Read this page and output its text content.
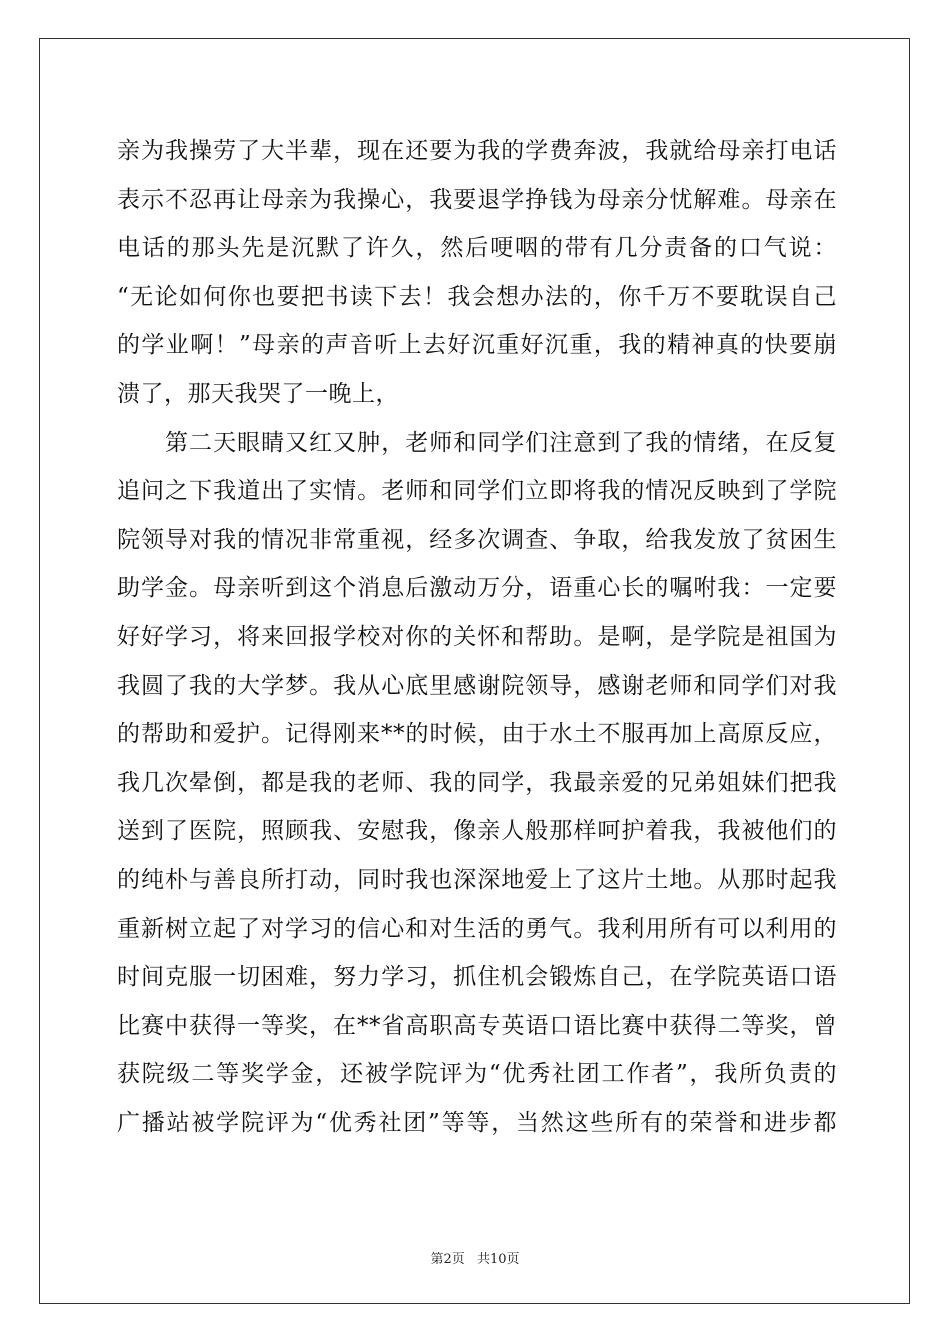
亲为我操劳了大半辈，现在还要为我的学费奔波，我就给母亲打电话
表示不忍再让母亲为我操心，我要退学挣钱为母亲分忧解难。母亲在
电话的那头先是沉默了许久，然后哽咽的带有几分责备的口气说：
“无论如何你也要把书读下去！我会想办法的，你千万不要耽误自己
的学业啊！”母亲的声音听上去好沉重好沉重，我的精神真的快要崩
溃了，那天我哭了一晚上，
　　第二天眼睛又红又肿，老师和同学们注意到了我的情绪，在反复
追问之下我道出了实情。老师和同学们立即将我的情况反映到了学院
院领导对我的情况非常重视，经多次调查、争取，给我发放了贫困生
助学金。母亲听到这个消息后激动万分，语重心长的嘱咐我：一定要
好好学习，将来回报学校对你的关怀和帮助。是啊，是学院是祖国为
我圆了我的大学梦。我从心底里感谢院领导，感谢老师和同学们对我
的帮助和爱护。记得刚来**的时候，由于水土不服再加上高原反应，
我几次晕倒，都是我的老师、我的同学，我最亲爱的兄弟姐妹们把我
送到了医院，照顾我、安慰我，像亲人般那样呵护着我，我被他们的
的纯朴与善良所打动，同时我也深深地爱上了这片土地。从那时起我
重新树立起了对学习的信心和对生活的勇气。我利用所有可以利用的
时间克服一切困难，努力学习，抓住机会锻炼自己，在学院英语口语
比赛中获得一等奖，在**省高职高专英语口语比赛中获得二等奖，曾
获院级二等奖学金，还被学院评为“优秀社团工作者”，我所负责的
广播站被学院评为“优秀社团”等等，当然这些所有的荣誉和进步都
第2页 共10页
